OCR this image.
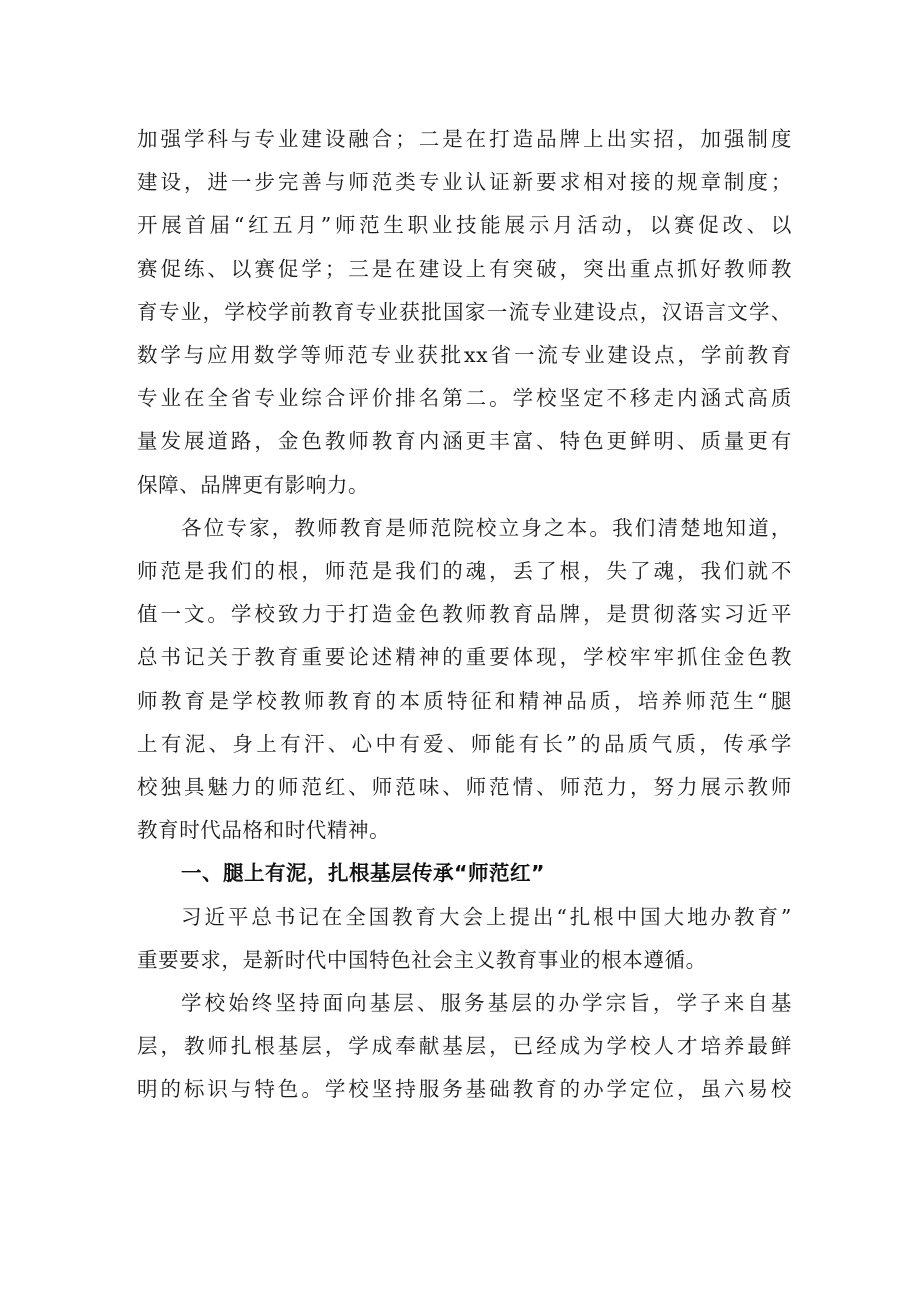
加强学科与专业建设融合；二是在打造品牌上出实招，加强制度
建设，进一步完善与师范类专业认证新要求相对接的规章制度；
开展首届“红五月”师范生职业技能展示月活动，以赛促改、以
赛促练、以赛促学；三是在建设上有突破，突出重点抓好教师教
育专业，学校学前教育专业获批国家一流专业建设点，汉语言文学、
数学与应用数学等师范专业获批xx省一流专业建设点，学前教育
专业在全省专业综合评价排名第二。学校坚定不移走内涵式高质
量发展道路，金色教师教育内涵更丰富、特色更鲜明、质量更有
保障、品牌更有影响力。

各位专家，教师教育是师范院校立身之本。我们清楚地知道，
师范是我们的根，师范是我们的魂，丢了根，失了魂，我们就不
值一文。学校致力于打造金色教师教育品牌，是贯彻落实习近平
总书记关于教育重要论述精神的重要体现，学校牢牢抓住金色教
师教育是学校教师教育的本质特征和精神品质，培养师范生“腿
上有泥、身上有汗、心中有爱、师能有长”的品质气质，传承学
校独具魅力的师范红、师范味、师范情、师范力，努力展示教师
教育时代品格和时代精神。

一、腿上有泥，扎根基层传承“师范红”

习近平总书记在全国教育大会上提出“扎根中国大地办教育”
重要要求，是新时代中国特色社会主义教育事业的根本遵循。

学校始终坚持面向基层、服务基层的办学宗旨，学子来自基
层，教师扎根基层，学成奉献基层，已经成为学校人才培养最鲜
明的标识与特色。学校坚持服务基础教育的办学定位，虽六易校
